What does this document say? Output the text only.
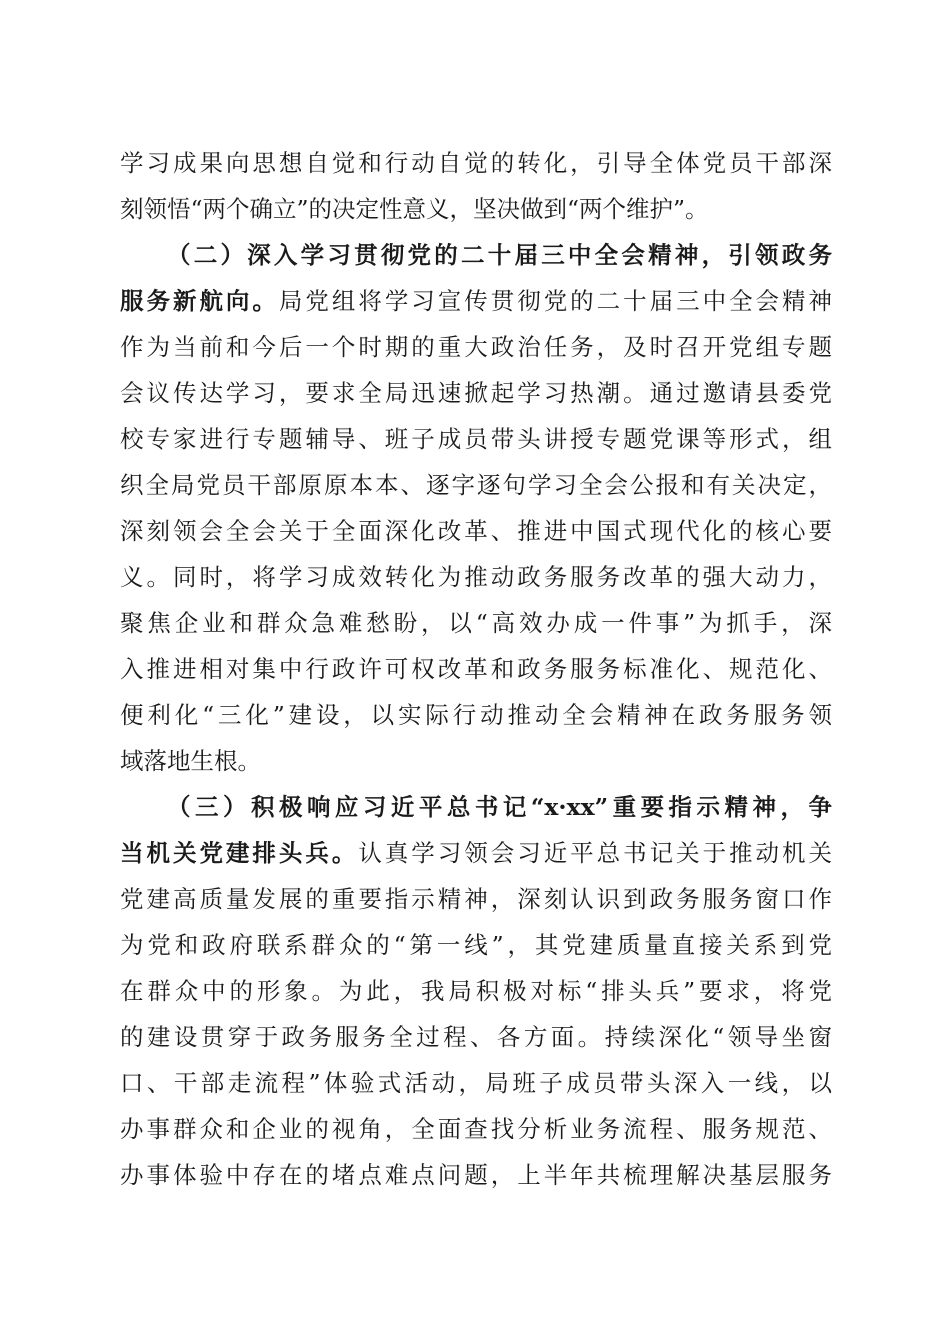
学习成果向思想自觉和行动自觉的转化，引导全体党员干部深
刻领悟“两个确立”的决定性意义，坚决做到“两个维护”。
（二）深入学习贯彻党的二十届三中全会精神，引领政务
服务新航向。局党组将学习宣传贯彻党的二十届三中全会精神
作为当前和今后一个时期的重大政治任务，及时召开党组专题
会议传达学习，要求全局迅速掀起学习热潮。通过邀请县委党
校专家进行专题辅导、班子成员带头讲授专题党课等形式，组
织全局党员干部原原本本、逐字逐句学习全会公报和有关决定，
深刻领会全会关于全面深化改革、推进中国式现代化的核心要
义。同时，将学习成效转化为推动政务服务改革的强大动力，
聚焦企业和群众急难愁盼，以“高效办成一件事”为抓手，深
入推进相对集中行政许可权改革和政务服务标准化、规范化、
便利化“三化”建设，以实际行动推动全会精神在政务服务领
域落地生根。
（三）积极响应习近平总书记“x·xx”重要指示精神，争
当机关党建排头兵。认真学习领会习近平总书记关于推动机关
党建高质量发展的重要指示精神，深刻认识到政务服务窗口作
为党和政府联系群众的“第一线”，其党建质量直接关系到党
在群众中的形象。为此，我局积极对标“排头兵”要求，将党
的建设贯穿于政务服务全过程、各方面。持续深化“领导坐窗
口、干部走流程”体验式活动，局班子成员带头深入一线，以
办事群众和企业的视角，全面查找分析业务流程、服务规范、
办事体验中存在的堵点难点问题，上半年共梳理解决基层服务
